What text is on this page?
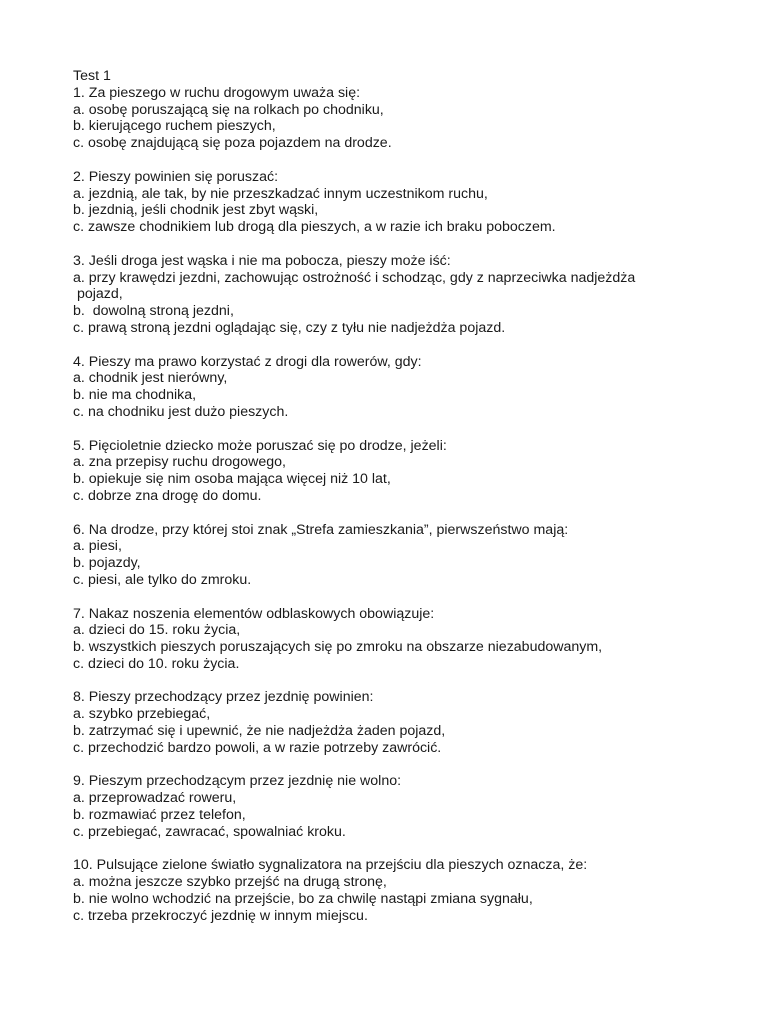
Test 1
1. Za pieszego w ruchu drogowym uważa się:
a. osobę poruszającą się na rolkach po chodniku,
b. kierującego ruchem pieszych,
c. osobę znajdującą się poza pojazdem na drodze.
2. Pieszy powinien się poruszać:
a. jezdnią, ale tak, by nie przeszkadzać innym uczestnikom ruchu,
b. jezdnią, jeśli chodnik jest zbyt wąski,
c. zawsze chodnikiem lub drogą dla pieszych, a w razie ich braku poboczem.
3. Jeśli droga jest wąska i nie ma pobocza, pieszy może iść:
a. przy krawędzi jezdni, zachowując ostrożność i schodząc, gdy z naprzeciwka nadjeżdża
pojazd,
b.  dowolną stroną jezdni,
c. prawą stroną jezdni oglądając się, czy z tyłu nie nadjeżdża pojazd.
4. Pieszy ma prawo korzystać z drogi dla rowerów, gdy:
a. chodnik jest nierówny,
b. nie ma chodnika,
c. na chodniku jest dużo pieszych.
5. Pięcioletnie dziecko może poruszać się po drodze, jeżeli:
a. zna przepisy ruchu drogowego,
b. opiekuje się nim osoba mająca więcej niż 10 lat,
c. dobrze zna drogę do domu.
6. Na drodze, przy której stoi znak „Strefa zamieszkania”, pierwszeństwo mają:
a. piesi,
b. pojazdy,
c. piesi, ale tylko do zmroku.
7. Nakaz noszenia elementów odblaskowych obowiązuje:
a. dzieci do 15. roku życia,
b. wszystkich pieszych poruszających się po zmroku na obszarze niezabudowanym,
c. dzieci do 10. roku życia.
8. Pieszy przechodzący przez jezdnię powinien:
a. szybko przebiegać,
b. zatrzymać się i upewnić, że nie nadjeżdża żaden pojazd,
c. przechodzić bardzo powoli, a w razie potrzeby zawrócić.
9. Pieszym przechodzącym przez jezdnię nie wolno:
a. przeprowadzać roweru,
b. rozmawiać przez telefon,
c. przebiegać, zawracać, spowalniać kroku.
10. Pulsujące zielone światło sygnalizatora na przejściu dla pieszych oznacza, że:
a. można jeszcze szybko przejść na drugą stronę,
b. nie wolno wchodzić na przejście, bo za chwilę nastąpi zmiana sygnału,
c. trzeba przekroczyć jezdnię w innym miejscu.
